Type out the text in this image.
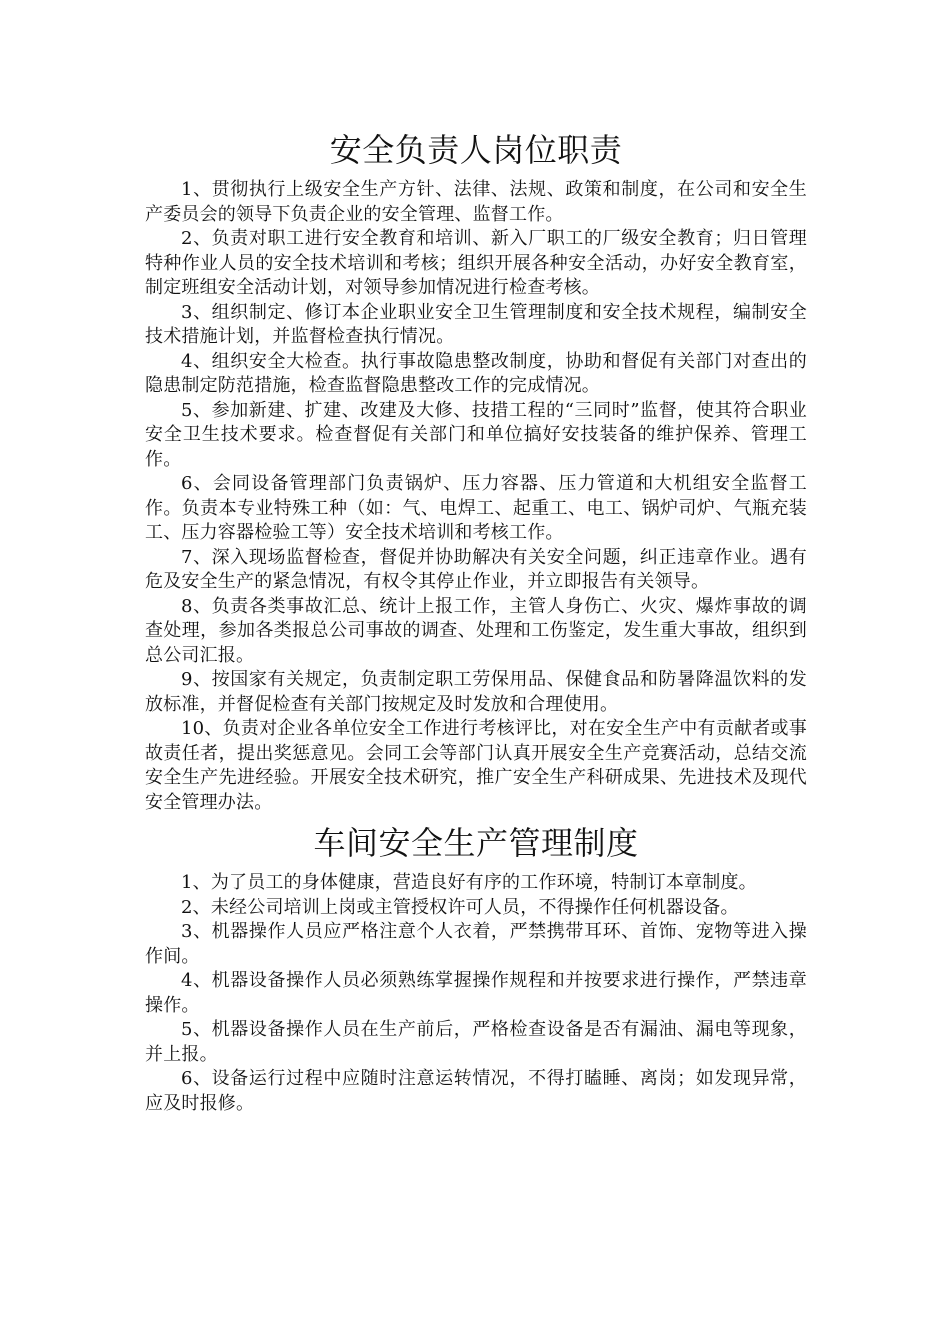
安全负责人岗位职责

1、贯彻执行上级安全生产方针、法律、法规、政策和制度，在公司和安全生产委员会的领导下负责企业的安全管理、监督工作。

2、负责对职工进行安全教育和培训、新入厂职工的厂级安全教育；归日管理特种作业人员的安全技术培训和考核；组织开展各种安全活动，办好安全教育室，制定班组安全活动计划，对领导参加情况进行检查考核。

3、组织制定、修订本企业职业安全卫生管理制度和安全技术规程，编制安全技术措施计划，并监督检查执行情况。

4、组织安全大检查。执行事故隐患整改制度，协助和督促有关部门对查出的隐患制定防范措施，检查监督隐患整改工作的完成情况。

5、参加新建、扩建、改建及大修、技措工程的“三同时”监督，使其符合职业安全卫生技术要求。检查督促有关部门和单位搞好安技装备的维护保养、管理工作。

6、会同设备管理部门负责锅炉、压力容器、压力管道和大机组安全监督工作。负责本专业特殊工种（如：气、电焊工、起重工、电工、锅炉司炉、气瓶充装工、压力容器检验工等）安全技术培训和考核工作。

7、深入现场监督检查，督促并协助解决有关安全问题，纠正违章作业。遇有危及安全生产的紧急情况，有权令其停止作业，并立即报告有关领导。

8、负责各类事故汇总、统计上报工作，主管人身伤亡、火灾、爆炸事故的调查处理，参加各类报总公司事故的调查、处理和工伤鉴定，发生重大事故，组织到总公司汇报。

9、按国家有关规定，负责制定职工劳保用品、保健食品和防暑降温饮料的发放标准，并督促检查有关部门按规定及时发放和合理使用。

10、负责对企业各单位安全工作进行考核评比，对在安全生产中有贡献者或事故责任者，提出奖惩意见。会同工会等部门认真开展安全生产竞赛活动，总结交流安全生产先进经验。开展安全技术研究，推广安全生产科研成果、先进技术及现代安全管理办法。

车间安全生产管理制度

1、为了员工的身体健康，营造良好有序的工作环境，特制订本章制度。

2、未经公司培训上岗或主管授权许可人员，不得操作任何机器设备。

3、机器操作人员应严格注意个人衣着，严禁携带耳环、首饰、宠物等进入操作间。

4、机器设备操作人员必须熟练掌握操作规程和并按要求进行操作，严禁违章操作。

5、机器设备操作人员在生产前后，严格检查设备是否有漏油、漏电等现象，并上报。

6、设备运行过程中应随时注意运转情况，不得打瞌睡、离岗；如发现异常，应及时报修。
